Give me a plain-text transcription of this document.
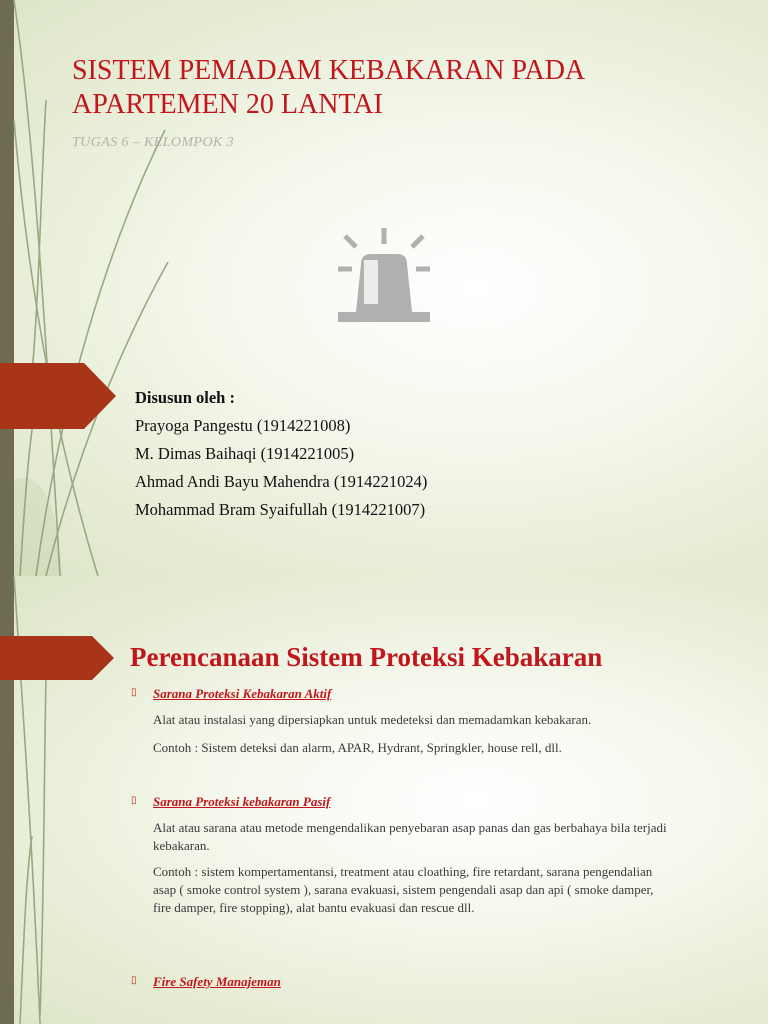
SISTEM PEMADAM KEBAKARAN PADA
APARTEMEN 20 LANTAI
TUGAS 6 – KELOMPOK 3
Disusun oleh :
Prayoga Pangestu (1914221008)
M. Dimas Baihaqi (1914221005)
Ahmad Andi Bayu Mahendra (1914221024)
Mohammad Bram Syaifullah (1914221007)
Perencanaan Sistem Proteksi Kebakaran
▯ Sarana Proteksi Kebakaran Aktif
Alat atau instalasi yang dipersiapkan untuk medeteksi dan memadamkan kebakaran.
Contoh : Sistem deteksi dan alarm, APAR, Hydrant, Springkler, house rell, dll.
▯ Sarana Proteksi kebakaran Pasif
Alat atau sarana atau metode mengendalikan penyebaran asap panas dan gas berbahaya bila terjadi kebakaran.
Contoh : sistem kompertamentansi, treatment atau cloathing, fire retardant, sarana pengendalian asap ( smoke control system ), sarana evakuasi, sistem pengendali asap dan api ( smoke damper, fire damper, fire stopping), alat bantu evakuasi dan rescue dll.
▯ Fire Safety Manajeman
